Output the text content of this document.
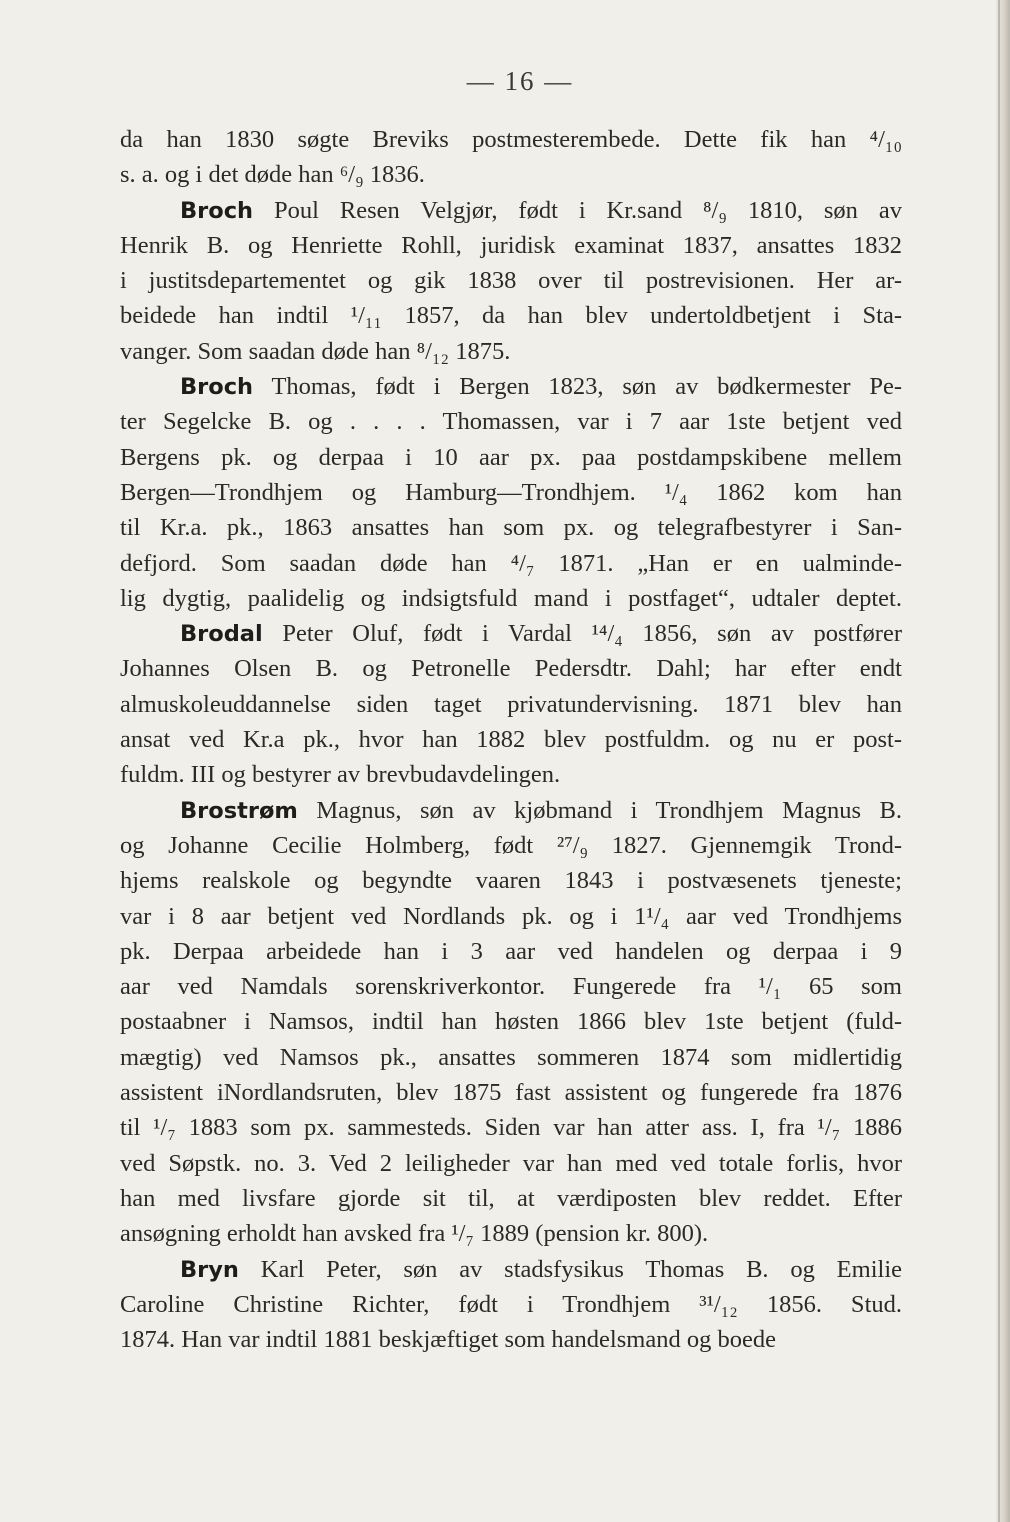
— 16 —
da han 1830 søgte Breviks postmesterembede. Dette fik han ⁴/₁₀
s. a. og i det døde han ⁶/₉ 1836.
Broch Poul Resen Velgjør, født i Kr.sand ⁸/₉ 1810, søn av
Henrik B. og Henriette Rohll, juridisk examinat 1837, ansattes 1832
i justitsdepartementet og gik 1838 over til postrevisionen. Her ar-
beidede han indtil ¹/₁₁ 1857, da han blev undertoldbetjent i Sta-
vanger. Som saadan døde han ⁸/₁₂ 1875.
Broch Thomas, født i Bergen 1823, søn av bødkermester Pe-
ter Segelcke B. og . . . . Thomassen, var i 7 aar 1ste betjent ved
Bergens pk. og derpaa i 10 aar px. paa postdampskibene mellem
Bergen—Trondhjem og Hamburg—Trondhjem. ¹/₄ 1862 kom han
til Kr.a. pk., 1863 ansattes han som px. og telegrafbestyrer i San-
defjord. Som saadan døde han ⁴/₇ 1871. „Han er en ualminde-
lig dygtig, paalidelig og indsigtsfuld mand i postfaget“, udtaler deptet.
Brodal Peter Oluf, født i Vardal ¹⁴/₄ 1856, søn av postfører
Johannes Olsen B. og Petronelle Pedersdtr. Dahl; har efter endt
almuskoleuddannelse siden taget privatundervisning. 1871 blev han
ansat ved Kr.a pk., hvor han 1882 blev postfuldm. og nu er post-
fuldm. III og bestyrer av brevbudavdelingen.
Brostrøm Magnus, søn av kjøbmand i Trondhjem Magnus B.
og Johanne Cecilie Holmberg, født ²⁷/₉ 1827. Gjennemgik Trond-
hjems realskole og begyndte vaaren 1843 i postvæsenets tjeneste;
var i 8 aar betjent ved Nordlands pk. og i 1¹/₄ aar ved Trondhjems
pk. Derpaa arbeidede han i 3 aar ved handelen og derpaa i 9
aar ved Namdals sorenskriverkontor. Fungerede fra ¹/₁ 65 som
postaabner i Namsos, indtil han høsten 1866 blev 1ste betjent (fuld-
mægtig) ved Namsos pk., ansattes sommeren 1874 som midlertidig
assistent iNordlandsruten, blev 1875 fast assistent og fungerede fra 1876
til ¹/₇ 1883 som px. sammesteds. Siden var han atter ass. I, fra ¹/₇ 1886
ved Søpstk. no. 3. Ved 2 leiligheder var han med ved totale forlis, hvor
han med livsfare gjorde sit til, at værdiposten blev reddet. Efter
ansøgning erholdt han avsked fra ¹/₇ 1889 (pension kr. 800).
Bryn Karl Peter, søn av stadsfysikus Thomas B. og Emilie
Caroline Christine Richter, født i Trondhjem ³¹/₁₂ 1856. Stud.
1874. Han var indtil 1881 beskjæftiget som handelsmand og boede
